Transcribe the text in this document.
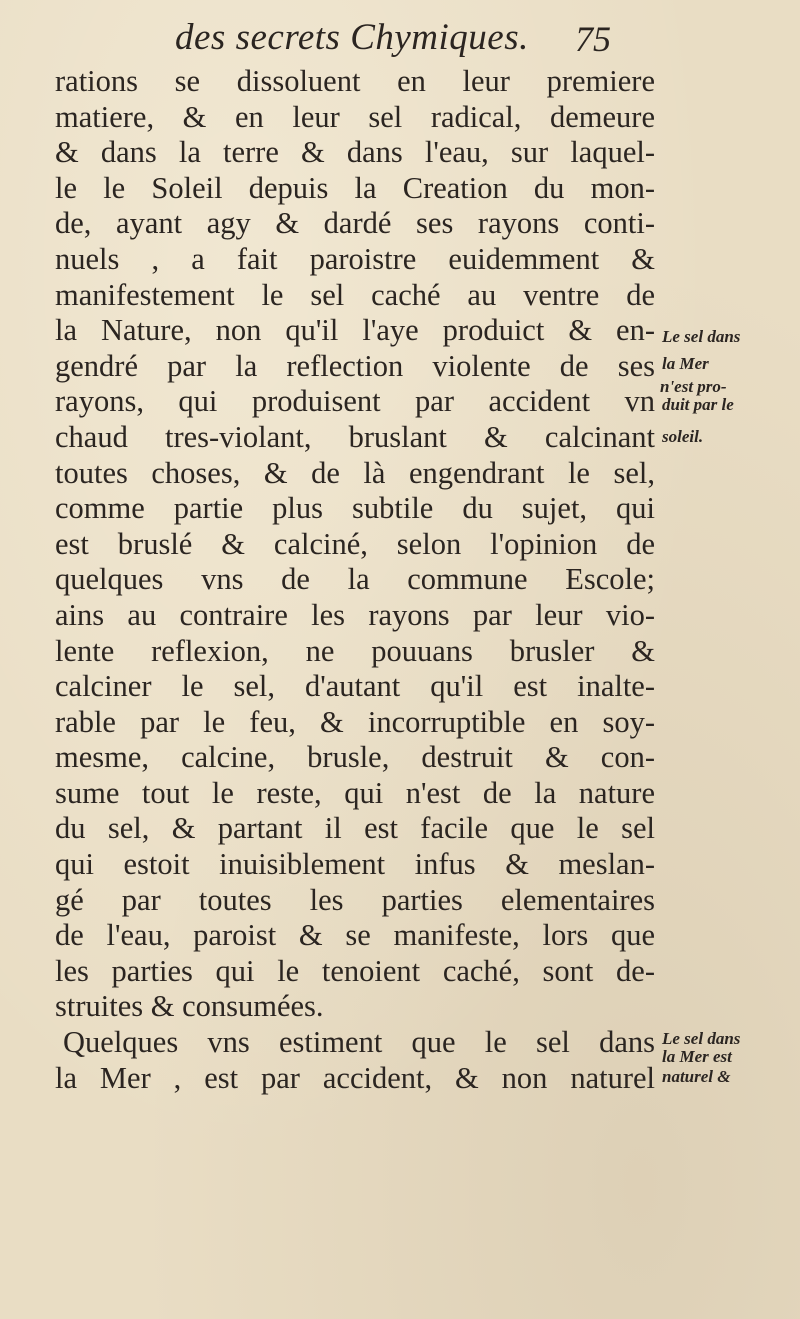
des secrets Chymiques. 75
rations se dissoluent en leur premiere
matiere, & en leur sel radical, demeure
& dans la terre & dans l'eau, sur laquel-
le le Soleil depuis la Creation du mon-
de, ayant agy & dardé ses rayons conti-
nuels , a fait paroistre euidemment &
manifestement le sel caché au ventre de
la Nature, non qu'il l'aye produict & en-
gendré par la reflection violente de ses
rayons, qui produisent par accident vn
chaud tres-violant, bruslant & calcinant
toutes choses, & de là engendrant le sel,
comme partie plus subtile du sujet, qui
est bruslé & calciné, selon l'opinion de
quelques vns de la commune Escole;
ains au contraire les rayons par leur vio-
lente reflexion, ne pouuans brusler &
calciner le sel, d'autant qu'il est inalte-
rable par le feu, & incorruptible en soy-
mesme, calcine, brusle, destruit & con-
sume tout le reste, qui n'est de la nature
du sel, & partant il est facile que le sel
qui estoit inuisiblement infus & meslan-
gé par toutes les parties elementaires
de l'eau, paroist & se manifeste, lors que
les parties qui le tenoient caché, sont de-
struites & consumées.
Quelques vns estiment que le sel dans
la Mer , est par accident, & non naturel
Le sel dans
la Mer
n'est pro-
duit par le
soleil.
Le sel dans
la Mer est
naturel &
